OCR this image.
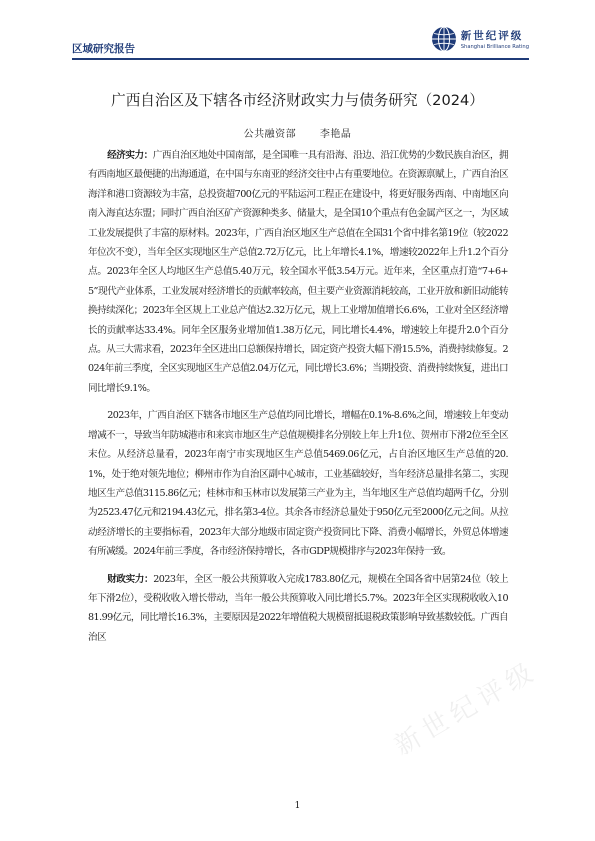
区域研究报告
新世纪评级
Shanghai Brilliance Rating
广西自治区及下辖各市经济财政实力与债务研究（2024）
公共融资部 李艳晶

经济实力：广西自治区地处中国南部，是全国唯一具有沿海、沿边、沿江优势的少数民族自治区，拥有西南地区最便捷的出海通道，在中国与东南亚的经济交往中占有重要地位。在资源禀赋上，广西自治区海洋和港口资源较为丰富，总投资超700亿元的平陆运河工程正在建设中，将更好服务西南、中南地区向南入海直达东盟；同时广西自治区矿产资源种类多、储量大，是全国10个重点有色金属产区之一，为区域工业发展提供了丰富的原材料。2023年，广西自治区地区生产总值在全国31个省中排名第19位（较2022年位次不变），当年全区实现地区生产总值2.72万亿元，比上年增长4.1%，增速较2022年上升1.2个百分点。2023年全区人均地区生产总值5.40万元，较全国水平低3.54万元。近年来，全区重点打造“7+6+5”现代产业体系，工业发展对经济增长的贡献率较高，但主要产业资源消耗较高，工业开放和新旧动能转换持续深化；2023年全区规上工业总产值达2.32万亿元，规上工业增加值增长6.6%，工业对全区经济增长的贡献率达33.4%。同年全区服务业增加值1.38万亿元，同比增长4.4%，增速较上年提升2.0个百分点。从三大需求看，2023年全区进出口总额保持增长，固定资产投资大幅下滑15.5%，消费持续修复。2024年前三季度，全区实现地区生产总值2.04万亿元，同比增长3.6%；当期投资、消费持续恢复，进出口同比增长9.1%。

2023年，广西自治区下辖各市地区生产总值均同比增长，增幅在0.1%-8.6%之间，增速较上年变动增减不一，导致当年防城港市和来宾市地区生产总值规模排名分别较上年上升1位、贺州市下滑2位至全区末位。从经济总量看，2023年南宁市实现地区生产总值5469.06亿元，占自治区地区生产总值的20.1%，处于绝对领先地位；柳州市作为自治区副中心城市，工业基础较好，当年经济总量排名第二，实现地区生产总值3115.86亿元；桂林市和玉林市以发展第三产业为主，当年地区生产总值均超两千亿，分别为2523.47亿元和2194.43亿元，排名第3-4位。其余各市经济总量处于950亿元至2000亿元之间。从拉动经济增长的主要指标看，2023年大部分地级市固定资产投资同比下降、消费小幅增长，外贸总体增速有所减缓。2024年前三季度，各市经济保持增长，各市GDP规模排序与2023年保持一致。

财政实力：2023年，全区一般公共预算收入完成1783.80亿元，规模在全国各省中居第24位（较上年下滑2位），受税收收入增长带动，当年一般公共预算收入同比增长5.7%。2023年全区实现税收收入1081.99亿元，同比增长16.3%，主要原因是2022年增值税大规模留抵退税政策影响导致基数较低。广西自治区

新世纪评级
1
